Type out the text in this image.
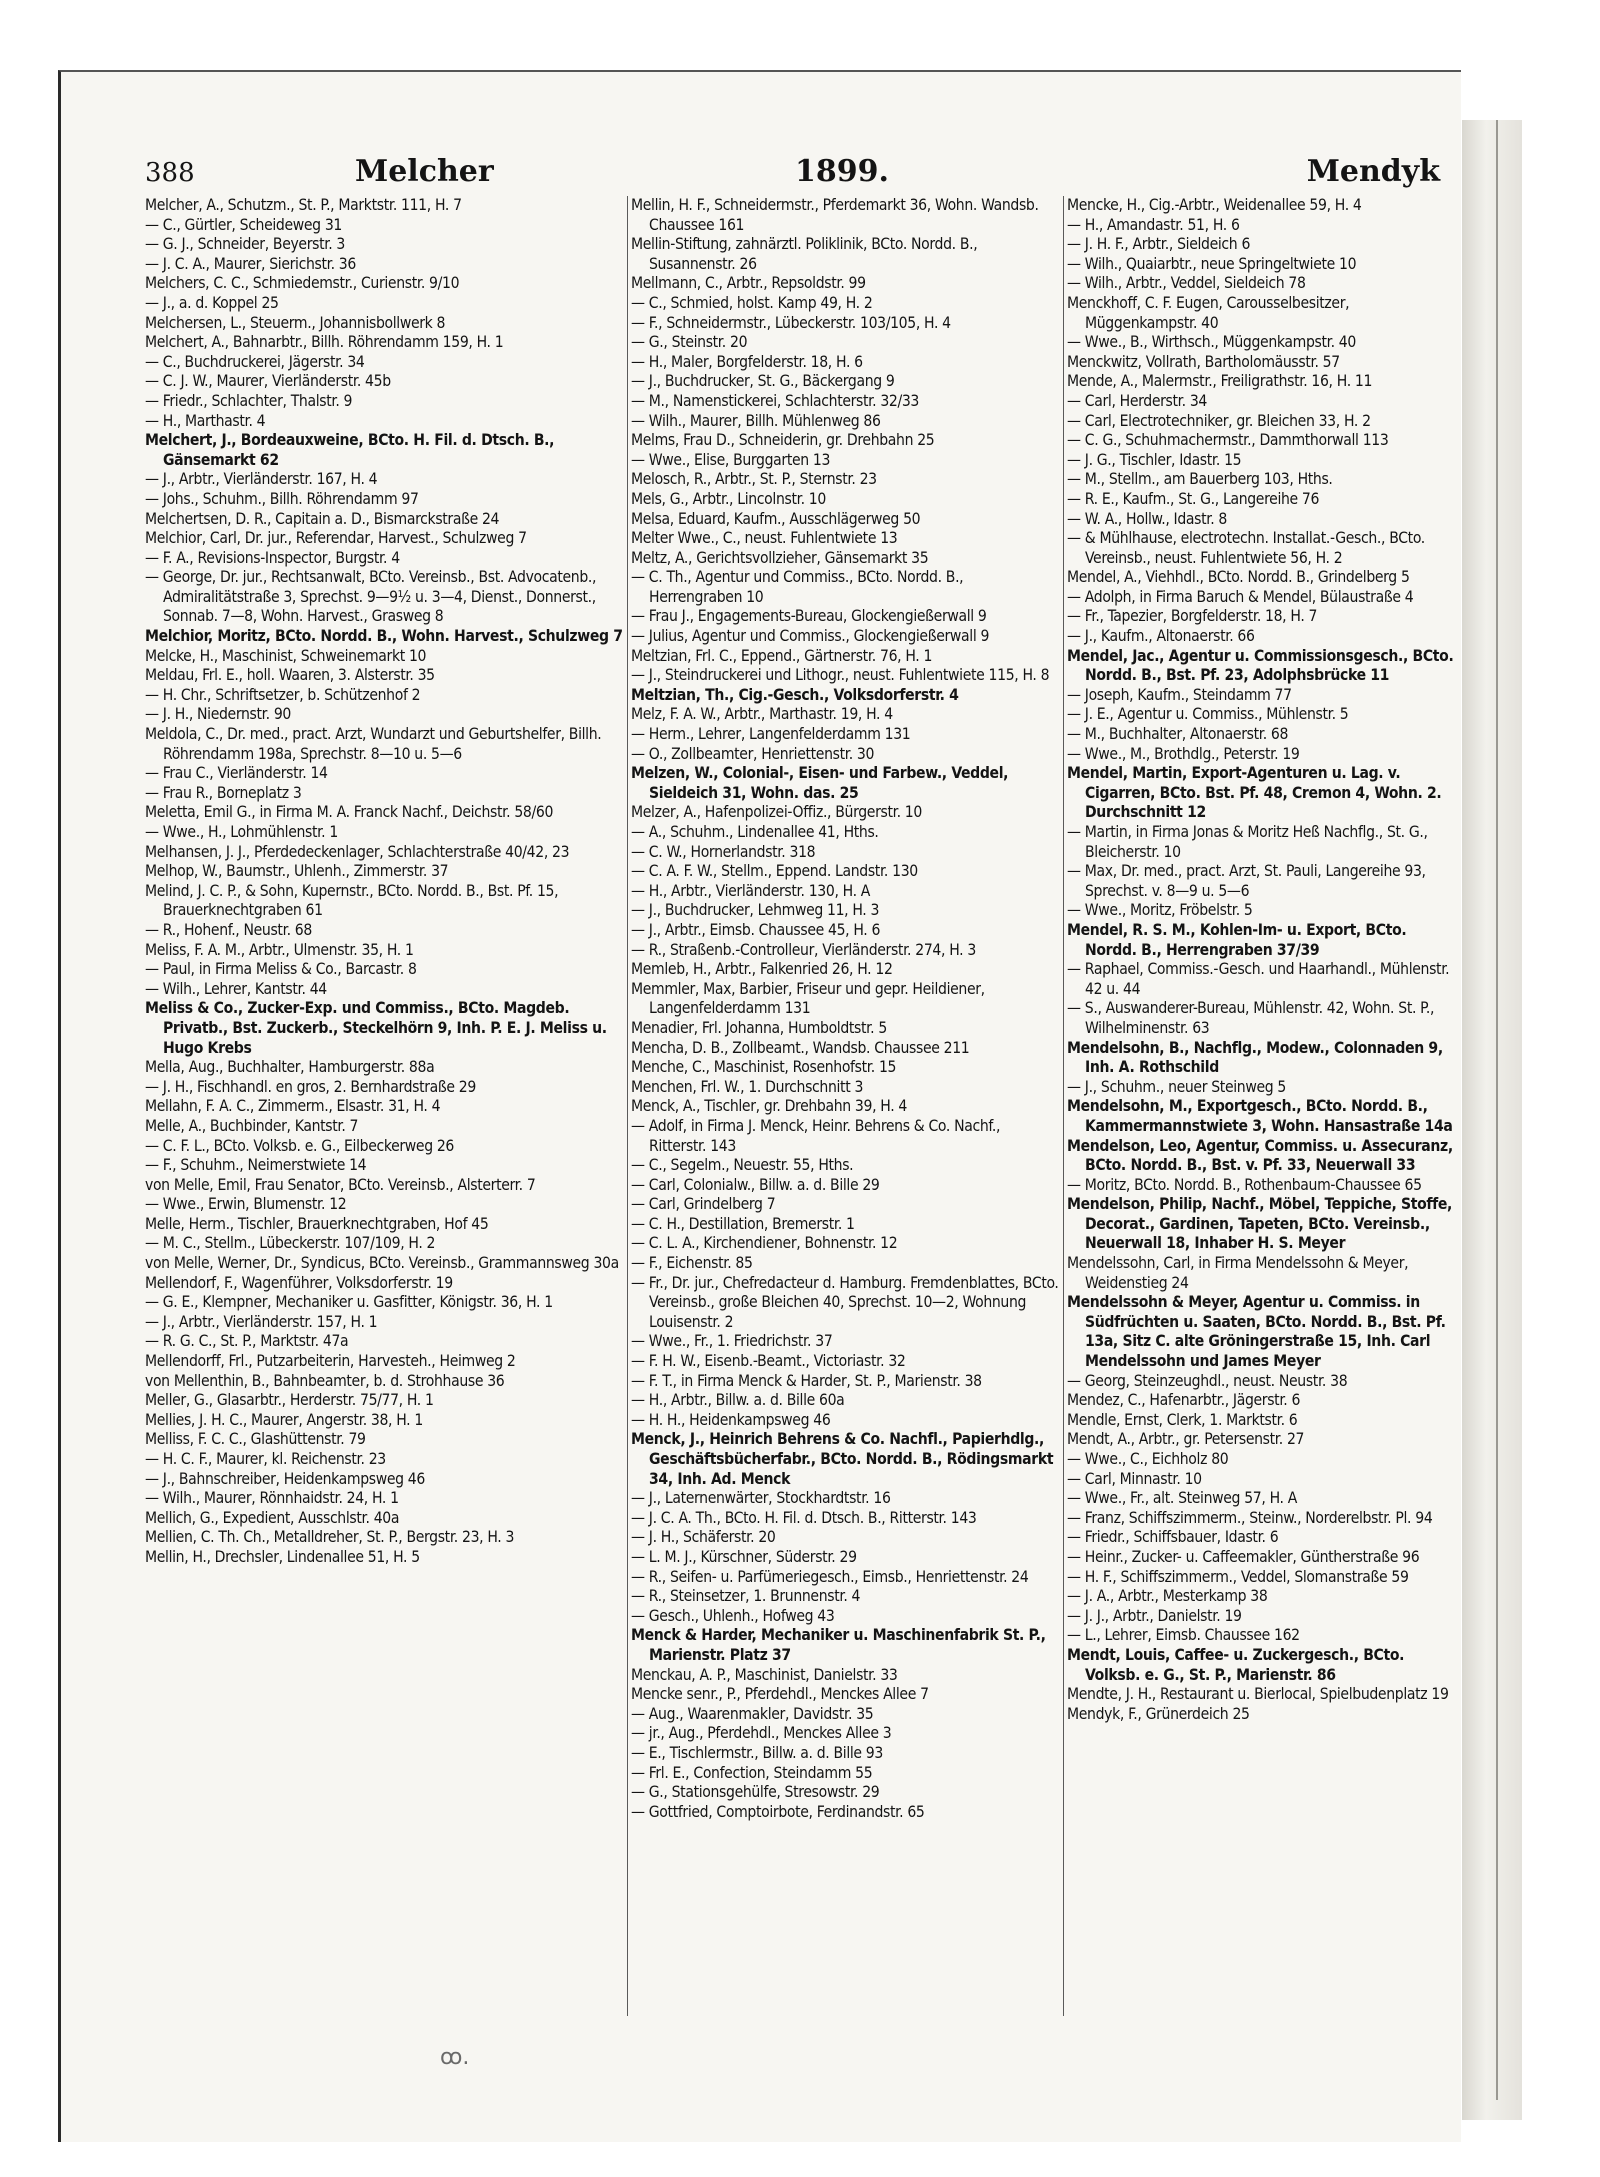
388	Melcher	1899.	Mendyk
Melcher, A., Schutzm., St. P., Marktstr. 111, H. 7
— C., Gürtler, Scheideweg 31
— G. J., Schneider, Beyerstr. 3
— J. C. A., Maurer, Sierichstr. 36
Melchers, C. C., Schmiedemstr., Curienstr. 9/10
— J., a. d. Koppel 25
Melchersen, L., Steuerm., Johannisbollwerk 8
Melchert, A., Bahnarbtr., Billh. Röhrendamm 159, H. 1
— C., Buchdruckerei, Jägerstr. 34
— C. J. W., Maurer, Vierländerstr. 45b
— Friedr., Schlachter, Thalstr. 9
— H., Marthastr. 4
Melchert, J., Bordeauxweine, BCto. H. Fil. d. Dtsch. B., Gänsemarkt 62
— J., Arbtr., Vierländerstr. 167, H. 4
— Johs., Schuhm., Billh. Röhrendamm 97
Melchertsen, D. R., Capitain a. D., Bismarckstraße 24
Melchior, Carl, Dr. jur., Referendar, Harvest., Schulzweg 7
— F. A., Revisions-Inspector, Burgstr. 4
— George, Dr. jur., Rechtsanwalt, BCto. Vereinsb., Bst. Advocatenb., Admiralitätstraße 3, Sprechst. 9—9½ u. 3—4, Dienst., Donnerst., Sonnab. 7—8, Wohn. Harvest., Grasweg 8
Melchior, Moritz, BCto. Nordd. B., Wohn. Harvest., Schulzweg 7
Melcke, H., Maschinist, Schweinemarkt 10
Meldau, Frl. E., holl. Waaren, 3. Alsterstr. 35
— H. Chr., Schriftsetzer, b. Schützenhof 2
— J. H., Niedernstr. 90
Meldola, C., Dr. med., pract. Arzt, Wundarzt und Geburtshelfer, Billh. Röhrendamm 198a, Sprechstr. 8—10 u. 5—6
— Frau C., Vierländerstr. 14
— Frau R., Borneplatz 3
Meletta, Emil G., in Firma M. A. Franck Nachf., Deichstr. 58/60
— Wwe., H., Lohmühlenstr. 1
Melhansen, J. J., Pferdedeckenlager, Schlachterstraße 40/42, 23
Melhop, W., Baumstr., Uhlenh., Zimmerstr. 37
Melind, J. C. P., & Sohn, Kupernstr., BCto. Nordd. B., Bst. Pf. 15, Brauerknechtgraben 61
— R., Hohenf., Neustr. 68
Meliss, F. A. M., Arbtr., Ulmenstr. 35, H. 1
— Paul, in Firma Meliss & Co., Barcastr. 8
— Wilh., Lehrer, Kantstr. 44
Meliss & Co., Zucker-Exp. und Commiss., BCto. Magdeb. Privatb., Bst. Zuckerb., Steckelhörn 9, Inh. P. E. J. Meliss u. Hugo Krebs
Mella, Aug., Buchhalter, Hamburgerstr. 88a
— J. H., Fischhandl. en gros, 2. Bernhardstraße 29
Mellahn, F. A. C., Zimmerm., Elsastr. 31, H. 4
Melle, A., Buchbinder, Kantstr. 7
— C. F. L., BCto. Volksb. e. G., Eilbeckerweg 26
— F., Schuhm., Neimerstwiete 14
von Melle, Emil, Frau Senator, BCto. Vereinsb., Alsterterr. 7
— Wwe., Erwin, Blumenstr. 12
Melle, Herm., Tischler, Brauerknechtgraben, Hof 45
— M. C., Stellm., Lübeckerstr. 107/109, H. 2
von Melle, Werner, Dr., Syndicus, BCto. Vereinsb., Grammannsweg 30a
Mellendorf, F., Wagenführer, Volksdorferstr. 19
— G. E., Klempner, Mechaniker u. Gasfitter, Königstr. 36, H. 1
— J., Arbtr., Vierländerstr. 157, H. 1
— R. G. C., St. P., Marktstr. 47a
Mellendorff, Frl., Putzarbeiterin, Harvesteh., Heimweg 2
von Mellenthin, B., Bahnbeamter, b. d. Strohhause 36
Meller, G., Glasarbtr., Herderstr. 75/77, H. 1
Mellies, J. H. C., Maurer, Angerstr. 38, H. 1
Melliss, F. C. C., Glashüttenstr. 79
— H. C. F., Maurer, kl. Reichenstr. 23
— J., Bahnschreiber, Heidenkampsweg 46
— Wilh., Maurer, Rönnhaidstr. 24, H. 1
Mellich, G., Expedient, Ausschlstr. 40a
Mellien, C. Th. Ch., Metalldreher, St. P., Bergstr. 23, H. 3
Mellin, H., Drechsler, Lindenallee 51, H. 5
Mellin, H. F., Schneidermstr., Pferdemarkt 36, Wohn. Wandsb. Chaussee 161
Mellin-Stiftung, zahnärztl. Poliklinik, BCto. Nordd. B., Susannenstr. 26
Mellmann, C., Arbtr., Repsoldstr. 99
— C., Schmied, holst. Kamp 49, H. 2
— F., Schneidermstr., Lübeckerstr. 103/105, H. 4
— G., Steinstr. 20
— H., Maler, Borgfelderstr. 18, H. 6
— J., Buchdrucker, St. G., Bäckergang 9
— M., Namenstickerei, Schlachterstr. 32/33
— Wilh., Maurer, Billh. Mühlenweg 86
Melms, Frau D., Schneiderin, gr. Drehbahn 25
— Wwe., Elise, Burggarten 13
Melosch, R., Arbtr., St. P., Sternstr. 23
Mels, G., Arbtr., Lincolnstr. 10
Melsa, Eduard, Kaufm., Ausschlägerweg 50
Melter Wwe., C., neust. Fuhlentwiete 13
Meltz, A., Gerichtsvollzieher, Gänsemarkt 35
— C. Th., Agentur und Commiss., BCto. Nordd. B., Herrengraben 10
— Frau J., Engagements-Bureau, Glockengießerwall 9
— Julius, Agentur und Commiss., Glockengießerwall 9
Meltzian, Frl. C., Eppend., Gärtnerstr. 76, H. 1
— J., Steindruckerei und Lithogr., neust. Fuhlentwiete 115, H. 8
Meltzian, Th., Cig.-Gesch., Volksdorferstr. 4
Melz, F. A. W., Arbtr., Marthastr. 19, H. 4
— Herm., Lehrer, Langenfelderdamm 131
— O., Zollbeamter, Henriettenstr. 30
Melzen, W., Colonial-, Eisen- und Farbew., Veddel, Sieldeich 31, Wohn. das. 25
Melzer, A., Hafenpolizei-Offiz., Bürgerstr. 10
— A., Schuhm., Lindenallee 41, Hths.
— C. W., Hornerlandstr. 318
— C. A. F. W., Stellm., Eppend. Landstr. 130
— H., Arbtr., Vierländerstr. 130, H. A
— J., Buchdrucker, Lehmweg 11, H. 3
— J., Arbtr., Eimsb. Chaussee 45, H. 6
— R., Straßenb.-Controlleur, Vierländerstr. 274, H. 3
Memleb, H., Arbtr., Falkenried 26, H. 12
Memmler, Max, Barbier, Friseur und gepr. Heildiener, Langenfelderdamm 131
Menadier, Frl. Johanna, Humboldtstr. 5
Mencha, D. B., Zollbeamt., Wandsb. Chaussee 211
Menche, C., Maschinist, Rosenhofstr. 15
Menchen, Frl. W., 1. Durchschnitt 3
Menck, A., Tischler, gr. Drehbahn 39, H. 4
— Adolf, in Firma J. Menck, Heinr. Behrens & Co. Nachf., Ritterstr. 143
— C., Segelm., Neuestr. 55, Hths.
— Carl, Colonialw., Billw. a. d. Bille 29
— Carl, Grindelberg 7
— C. H., Destillation, Bremerstr. 1
— C. L. A., Kirchendiener, Bohnenstr. 12
— F., Eichenstr. 85
— Fr., Dr. jur., Chefredacteur d. Hamburg. Fremdenblattes, BCto. Vereinsb., große Bleichen 40, Sprechst. 10—2, Wohnung Louisenstr. 2
— Wwe., Fr., 1. Friedrichstr. 37
— F. H. W., Eisenb.-Beamt., Victoriastr. 32
— F. T., in Firma Menck & Harder, St. P., Marienstr. 38
— H., Arbtr., Billw. a. d. Bille 60a
— H. H., Heidenkampsweg 46
Menck, J., Heinrich Behrens & Co. Nachfl., Papierhdlg., Geschäftsbücherfabr., BCto. Nordd. B., Rödingsmarkt 34, Inh. Ad. Menck
— J., Laternenwärter, Stockhardtstr. 16
— J. C. A. Th., BCto. H. Fil. d. Dtsch. B., Ritterstr. 143
— J. H., Schäferstr. 20
— L. M. J., Kürschner, Süderstr. 29
— R., Seifen- u. Parfümeriegesch., Eimsb., Henriettenstr. 24
— R., Steinsetzer, 1. Brunnenstr. 4
— Gesch., Uhlenh., Hofweg 43
Menck & Harder, Mechaniker u. Maschinenfabrik St. P., Marienstr. Platz 37
Menckau, A. P., Maschinist, Danielstr. 33
Mencke senr., P., Pferdehdl., Menckes Allee 7
— Aug., Waarenmakler, Davidstr. 35
— jr., Aug., Pferdehdl., Menckes Allee 3
— E., Tischlermstr., Billw. a. d. Bille 93
— Frl. E., Confection, Steindamm 55
— G., Stationsgehülfe, Stresowstr. 29
— Gottfried, Comptoirbote, Ferdinandstr. 65
Mencke, H., Cig.-Arbtr., Weidenallee 59, H. 4
— H., Amandastr. 51, H. 6
— J. H. F., Arbtr., Sieldeich 6
— Wilh., Quaiarbtr., neue Springeltwiete 10
— Wilh., Arbtr., Veddel, Sieldeich 78
Menckhoff, C. F. Eugen, Carousselbesitzer, Müggenkampstr. 40
— Wwe., B., Wirthsch., Müggenkampstr. 40
Menckwitz, Vollrath, Bartholomäusstr. 57
Mende, A., Malermstr., Freiligrathstr. 16, H. 11
— Carl, Herderstr. 34
— Carl, Electrotechniker, gr. Bleichen 33, H. 2
— C. G., Schuhmachermstr., Dammthorwall 113
— J. G., Tischler, Idastr. 15
— M., Stellm., am Bauerberg 103, Hths.
— R. E., Kaufm., St. G., Langereihe 76
— W. A., Hollw., Idastr. 8
— & Mühlhause, electrotechn. Installat.-Gesch., BCto. Vereinsb., neust. Fuhlentwiete 56, H. 2
Mendel, A., Viehhdl., BCto. Nordd. B., Grindelberg 5
— Adolph, in Firma Baruch & Mendel, Bülaustraße 4
— Fr., Tapezier, Borgfelderstr. 18, H. 7
— J., Kaufm., Altonaerstr. 66
Mendel, Jac., Agentur u. Commissionsgesch., BCto. Nordd. B., Bst. Pf. 23, Adolphsbrücke 11
— Joseph, Kaufm., Steindamm 77
— J. E., Agentur u. Commiss., Mühlenstr. 5
— M., Buchhalter, Altonaerstr. 68
— Wwe., M., Brothdlg., Peterstr. 19
Mendel, Martin, Export-Agenturen u. Lag. v. Cigarren, BCto. Bst. Pf. 48, Cremon 4, Wohn. 2. Durchschnitt 12
— Martin, in Firma Jonas & Moritz Heß Nachflg., St. G., Bleicherstr. 10
— Max, Dr. med., pract. Arzt, St. Pauli, Langereihe 93, Sprechst. v. 8—9 u. 5—6
— Wwe., Moritz, Fröbelstr. 5
Mendel, R. S. M., Kohlen-Im- u. Export, BCto. Nordd. B., Herrengraben 37/39
— Raphael, Commiss.-Gesch. und Haarhandl., Mühlenstr. 42 u. 44
— S., Auswanderer-Bureau, Mühlenstr. 42, Wohn. St. P., Wilhelminenstr. 63
Mendelsohn, B., Nachflg., Modew., Colonnaden 9, Inh. A. Rothschild
— J., Schuhm., neuer Steinweg 5
Mendelsohn, M., Exportgesch., BCto. Nordd. B., Kammermannstwiete 3, Wohn. Hansastraße 14a
Mendelson, Leo, Agentur, Commiss. u. Assecuranz, BCto. Nordd. B., Bst. v. Pf. 33, Neuerwall 33
— Moritz, BCto. Nordd. B., Rothenbaum-Chaussee 65
Mendelson, Philip, Nachf., Möbel, Teppiche, Stoffe, Decorat., Gardinen, Tapeten, BCto. Vereinsb., Neuerwall 18, Inhaber H. S. Meyer
Mendelssohn, Carl, in Firma Mendelssohn & Meyer, Weidenstieg 24
Mendelssohn & Meyer, Agentur u. Commiss. in Südfrüchten u. Saaten, BCto. Nordd. B., Bst. Pf. 13a, Sitz C. alte Gröningerstraße 15, Inh. Carl Mendelssohn und James Meyer
— Georg, Steinzeughdl., neust. Neustr. 38
Mendez, C., Hafenarbtr., Jägerstr. 6
Mendle, Ernst, Clerk, 1. Marktstr. 6
Mendt, A., Arbtr., gr. Petersenstr. 27
— Wwe., C., Eichholz 80
— Carl, Minnastr. 10
— Wwe., Fr., alt. Steinweg 57, H. A
— Franz, Schiffszimmerm., Steinw., Norderelbstr. Pl. 94
— Friedr., Schiffsbauer, Idastr. 6
— Heinr., Zucker- u. Caffeemakler, Güntherstraße 96
— H. F., Schiffszimmerm., Veddel, Slomanstraße 59
— J. A., Arbtr., Mesterkamp 38
— J. J., Arbtr., Danielstr. 19
— L., Lehrer, Eimsb. Chaussee 162
Mendt, Louis, Caffee- u. Zuckergesch., BCto. Volksb. e. G., St. P., Marienstr. 86
Mendte, J. H., Restaurant u. Bierlocal, Spielbudenplatz 19
Mendyk, F., Grünerdeich 25
ꝏ.
